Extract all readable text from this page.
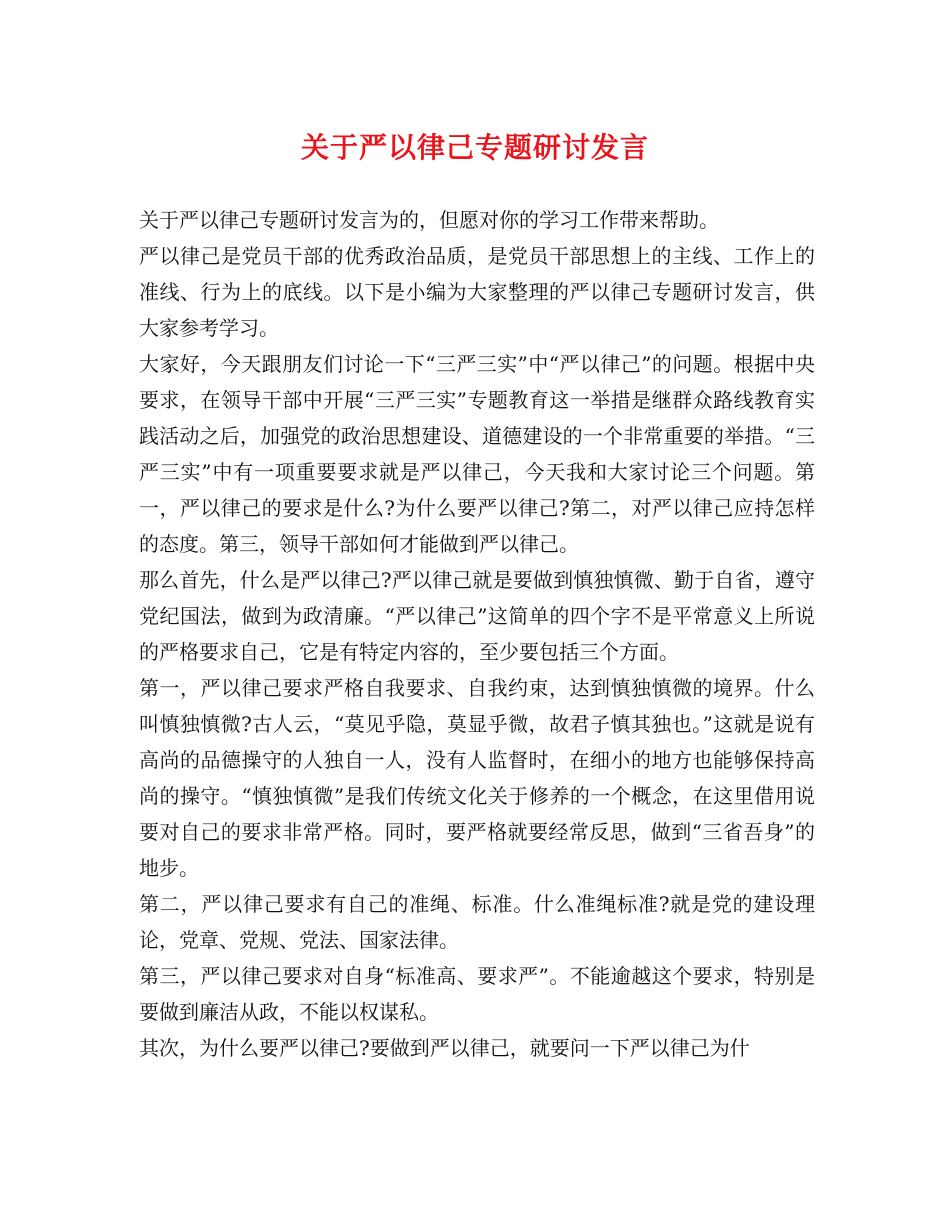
关于严以律己专题研讨发言

关于严以律己专题研讨发言为的，但愿对你的学习工作带来帮助。

严以律己是党员干部的优秀政治品质，是党员干部思想上的主线、工作上的准线、行为上的底线。以下是小编为大家整理的严以律己专题研讨发言，供大家参考学习。

大家好，今天跟朋友们讨论一下“三严三实”中“严以律己”的问题。根据中央要求，在领导干部中开展“三严三实”专题教育这一举措是继群众路线教育实践活动之后，加强党的政治思想建设、道德建设的一个非常重要的举措。“三严三实”中有一项重要要求就是严以律己，今天我和大家讨论三个问题。第一，严以律己的要求是什么?为什么要严以律己?第二，对严以律己应持怎样的态度。第三，领导干部如何才能做到严以律己。

那么首先，什么是严以律己?严以律己就是要做到慎独慎微、勤于自省，遵守党纪国法，做到为政清廉。“严以律己”这简单的四个字不是平常意义上所说的严格要求自己，它是有特定内容的，至少要包括三个方面。

第一，严以律己要求严格自我要求、自我约束，达到慎独慎微的境界。什么叫慎独慎微?古人云，“莫见乎隐，莫显乎微，故君子慎其独也。”这就是说有高尚的品德操守的人独自一人，没有人监督时，在细小的地方也能够保持高尚的操守。“慎独慎微”是我们传统文化关于修养的一个概念，在这里借用说要对自己的要求非常严格。同时，要严格就要经常反思，做到“三省吾身”的地步。

第二，严以律己要求有自己的准绳、标准。什么准绳标准?就是党的建设理论，党章、党规、党法、国家法律。

第三，严以律己要求对自身“标准高、要求严”。不能逾越这个要求，特别是要做到廉洁从政，不能以权谋私。

其次，为什么要严以律己?要做到严以律己，就要问一下严以律己为什
